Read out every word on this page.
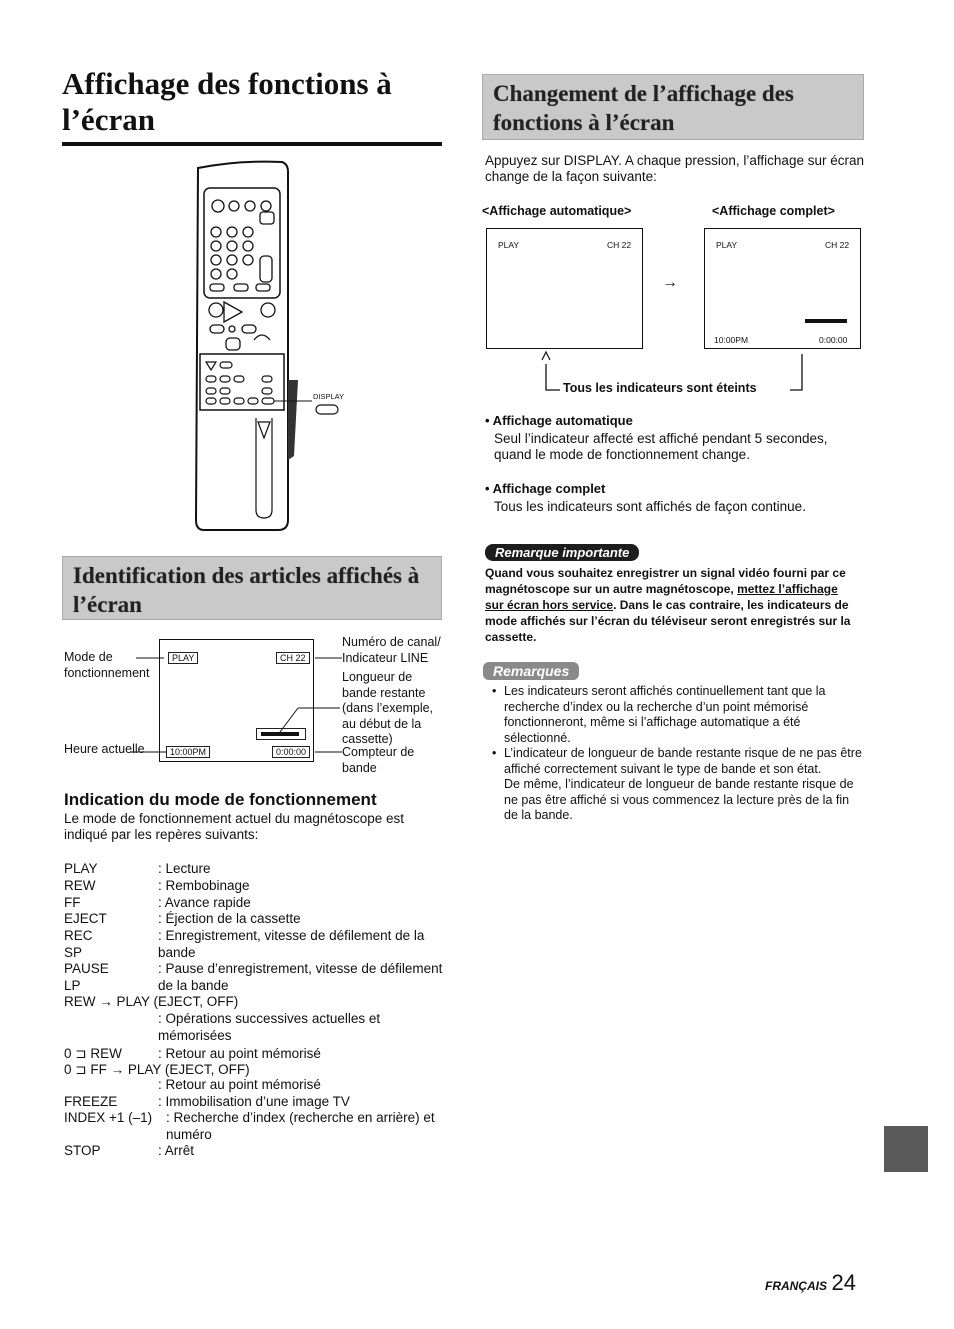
Affichage des fonctions à l’écran
DISPLAY
Changement de l’affichage des fonctions à l’écran
Appuyez sur DISPLAY. A chaque pression, l’affichage sur écran change de la façon suivante:
<Affichage automatique>	<Affichage complet>
PLAY	CH 22
→
PLAY	CH 22
10:00PM	0:00:00
Tous les indicateurs sont éteints
• Affichage automatique
Seul l’indicateur affecté est affiché pendant 5 secondes, quand le mode de fonctionnement change.
• Affichage complet
Tous les indicateurs sont affichés de façon continue.
Remarque importante
Quand vous souhaitez enregistrer un signal vidéo fourni par ce magnétoscope sur un autre magnétoscope, mettez l’affichage sur écran hors service. Dans le cas contraire, les indicateurs de mode affichés sur l’écran du téléviseur seront enregistrés sur la cassette.
Remarques
• Les indicateurs seront affichés continuellement tant que la recherche d’index ou la recherche d’un point mémorisé fonctionneront, même si l’affichage automatique a été sélectionné.
• L’indicateur de longueur de bande restante risque de ne pas être affiché correctement suivant le type de bande et son état.
De même, l’indicateur de longueur de bande restante risque de ne pas être affiché si vous commencez la lecture près de la fin de la bande.
Identification des articles affichés à l’écran
PLAY	CH 22
10:00PM	0:00:00
Mode de fonctionnement
Heure actuelle
Numéro de canal/ Indicateur LINE
Longueur de bande restante (dans l’exemple, au début de la cassette)
Compteur de bande
Indication du mode de fonctionnement
Le mode de fonctionnement actuel du magnétoscope est indiqué par les repères suivants:
PLAY	: Lecture
REW	: Rembobinage
FF	: Avance rapide
EJECT	: Éjection de la cassette
REC SP
: Enregistrement, vitesse de défilement de la bande
PAUSE LP
: Pause d’enregistrement, vitesse de défilement de la bande
REW → PLAY (EJECT, OFF)
: Opérations successives actuelles et mémorisées
0 ⊐ REW	: Retour au point mémorisé
0 ⊐ FF → PLAY (EJECT, OFF)
: Retour au point mémorisé
FREEZE	: Immobilisation d’une image TV
INDEX +1 (–1) : Recherche d’index (recherche en arrière) et numéro
STOP	: Arrêt
FRANÇAIS 24
